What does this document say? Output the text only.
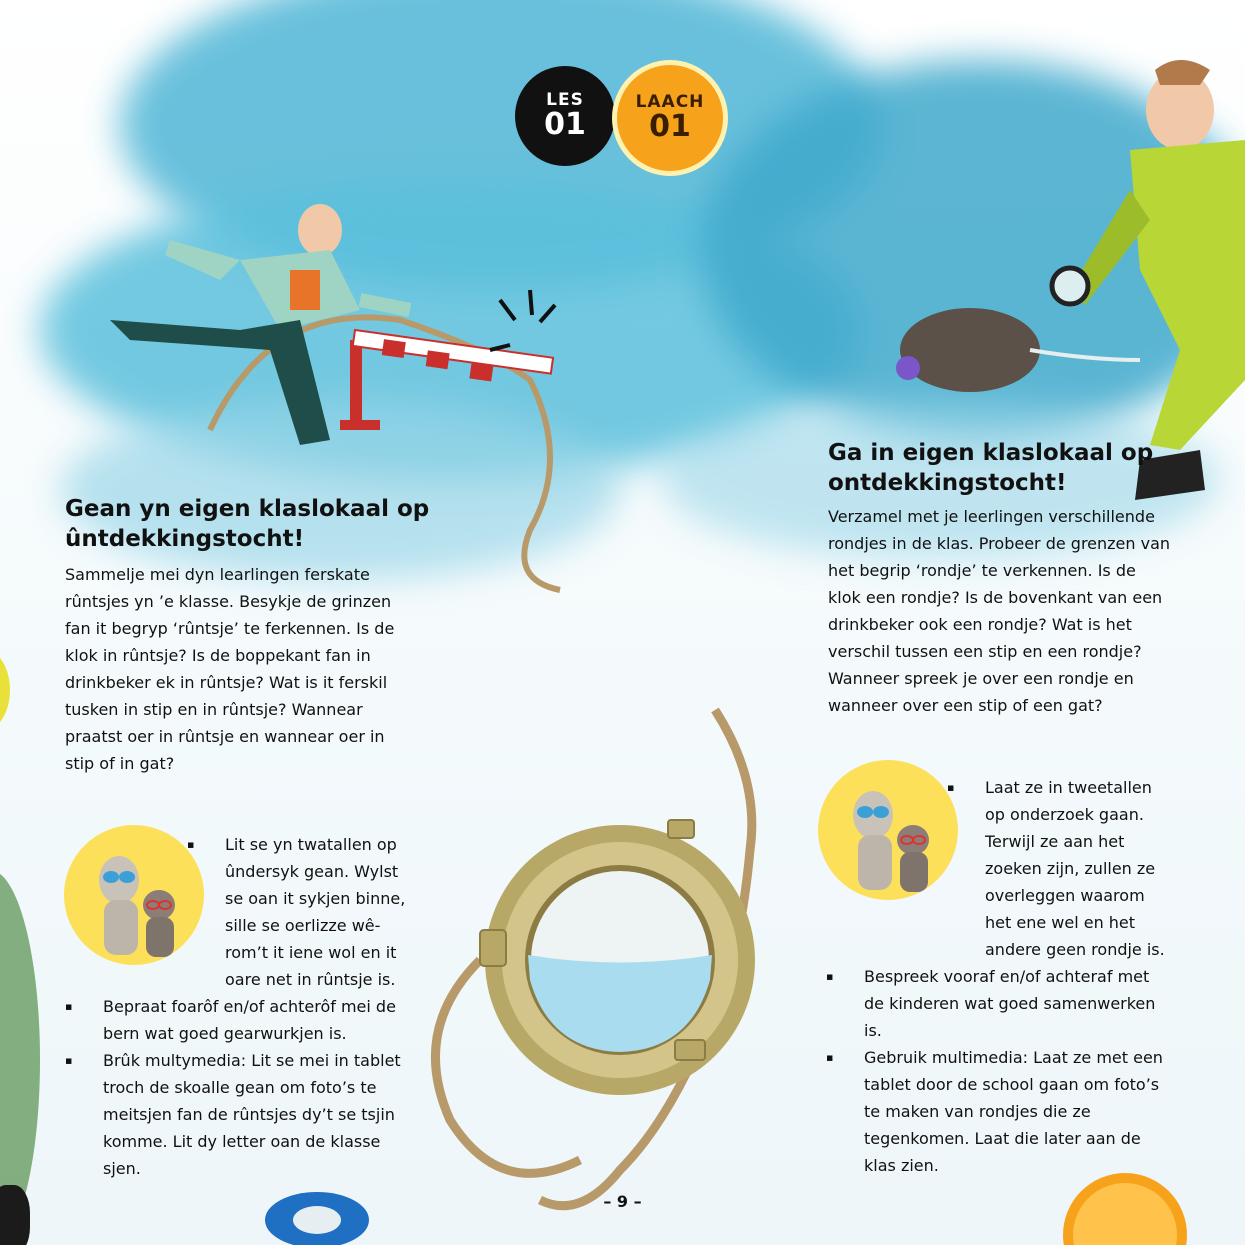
LES
01
LAACH
01
Gean yn eigen klaslokaal op
ûntdekkingstocht!

Sammelje mei dyn learlingen ferskate rûntsjes yn ’e klasse. Besykje de grinzen fan it begryp ‘rûntsje’ te ferkennen. Is de klok in rûntsje? Is de boppekant fan in drinkbeker ek in rûntsje? Wat is it ferskil tusken in stip en in rûntsje? Wannear praatst oer in rûntsje en wannear oer in stip of in gat?

▪ Lit se yn twatallen op ûndersyk gean. Wylst se oan it sykjen binne, sille se oerlizze wêrom’t it iene wol en it oare net in rûntsje is.
▪ Bepraat foarôf en/of achterôf mei de bern wat goed gearwurkjen is.
▪ Brûk multymedia: Lit se mei in tablet troch de skoalle gean om foto’s te meitsjen fan de rûntsjes dy’t se tsjin komme. Lit dy letter oan de klasse sjen.
Ga in eigen klaslokaal op
ontdekkingstocht!

Verzamel met je leerlingen verschillende rondjes in de klas. Probeer de grenzen van het begrip ‘rondje’ te verkennen. Is de klok een rondje? Is de bovenkant van een drinkbeker ook een rondje? Wat is het verschil tussen een stip en een rondje? Wanneer spreek je over een rondje en wanneer over een stip of een gat?

▪ Laat ze in tweetallen op onderzoek gaan. Terwijl ze aan het zoeken zijn, zullen ze overleggen waarom het ene wel en het andere geen rondje is.
▪ Bespreek vooraf en/of achteraf met de kinderen wat goed samenwerken is.
▪ Gebruik multimedia: Laat ze met een tablet door de school gaan om foto’s te maken van rondjes die ze tegenkomen. Laat die later aan de klas zien.
– 9 –
